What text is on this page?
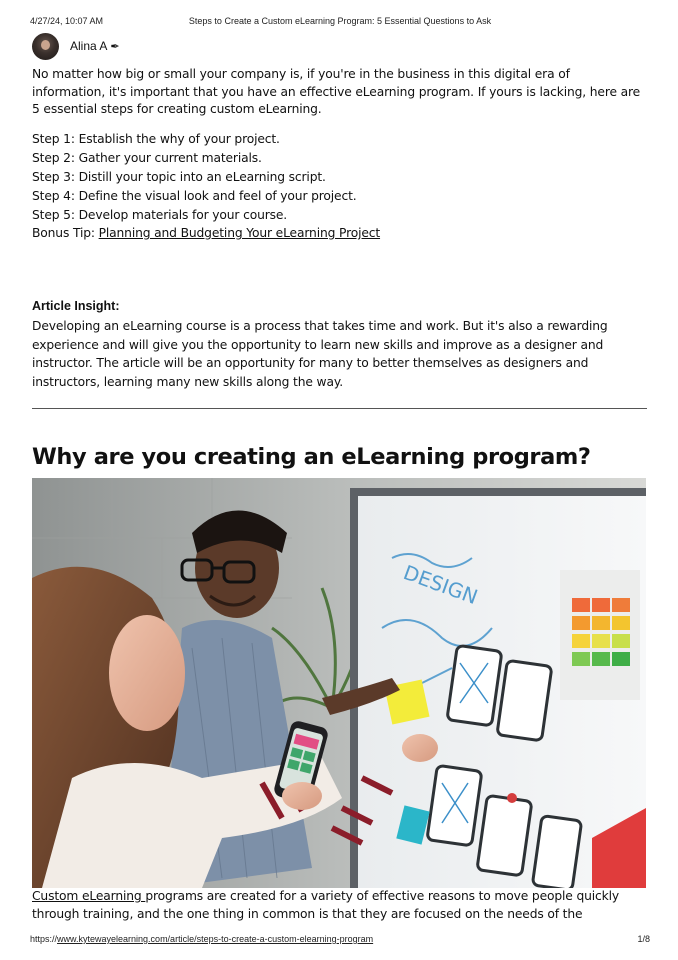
4/27/24, 10:07 AM	Steps to Create a Custom eLearning Program: 5 Essential Questions to Ask
Alina A ✒

No matter how big or small your company is, if you're in the business in this digital era of information, it's important that you have an effective eLearning program. If yours is lacking, here are 5 essential steps for creating custom eLearning.

Step 1: Establish the why of your project.
Step 2: Gather your current materials.
Step 3: Distill your topic into an eLearning script.
Step 4: Define the visual look and feel of your project.
Step 5: Develop materials for your course.

Bonus Tip: Planning and Budgeting Your eLearning Project

Article Insight:

Developing an eLearning course is a process that takes time and work. But it's also a rewarding experience and will give you the opportunity to learn new skills and improve as a designer and instructor. The article will be an opportunity for many to better themselves as designers and instructors, learning many new skills along the way.

Why are you creating an eLearning program?
DESIGN

Custom eLearning programs are created for a variety of effective reasons to move people quickly through training, and the one thing in common is that they are focused on the needs of the

https://www.kytewayelearning.com/article/steps-to-create-a-custom-elearning-program	1/8
